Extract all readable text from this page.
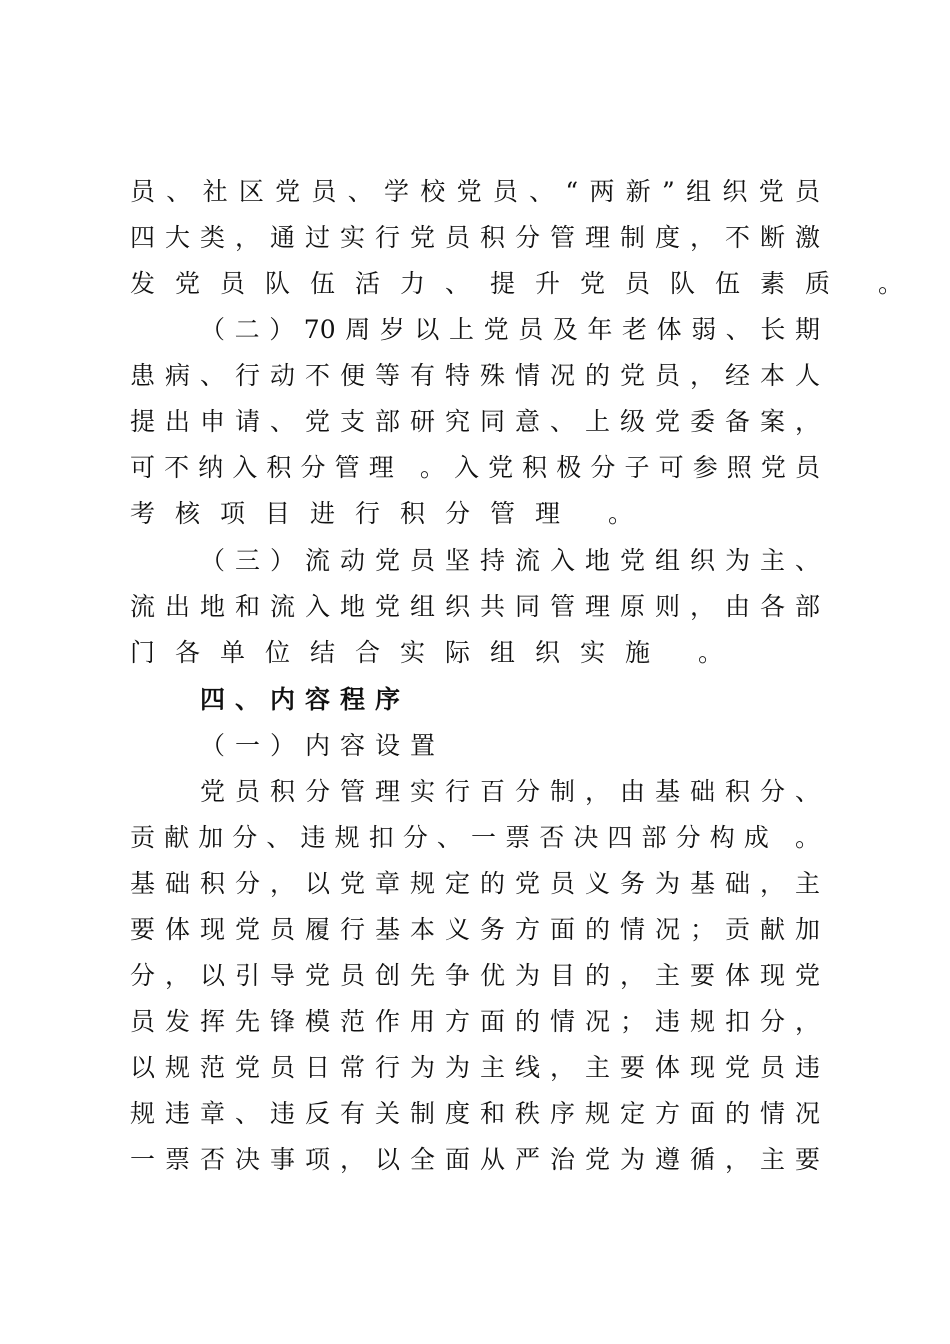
员、社区党员、学校党员、“两新”组织党员
四大类，通过实行党员积分管理制度，不断激
发党员队伍活力、提升党员队伍素质 。
（二）70周岁以上党员及年老体弱、长期
患病、行动不便等有特殊情况的党员，经本人
提出申请、党支部研究同意、上级党委备案，
可不纳入积分管理 。入党积极分子可参照党员
考核项目进行积分管理 。
（三）流动党员坚持流入地党组织为主、
流出地和流入地党组织共同管理原则，由各部
门各单位结合实际组织实施 。
四、内容程序
（一）内容设置
党员积分管理实行百分制，由基础积分、
贡献加分、违规扣分、一票否决四部分构成 。
基础积分，以党章规定的党员义务为基础，主
要体现党员履行基本义务方面的情况；贡献加
分，以引导党员创先争优为目的，主要体现党
员发挥先锋模范作用方面的情况；违规扣分，
以规范党员日常行为为主线，主要体现党员违
规违章、违反有关制度和秩序规定方面的情况
一票否决事项，以全面从严治党为遵循，主要
